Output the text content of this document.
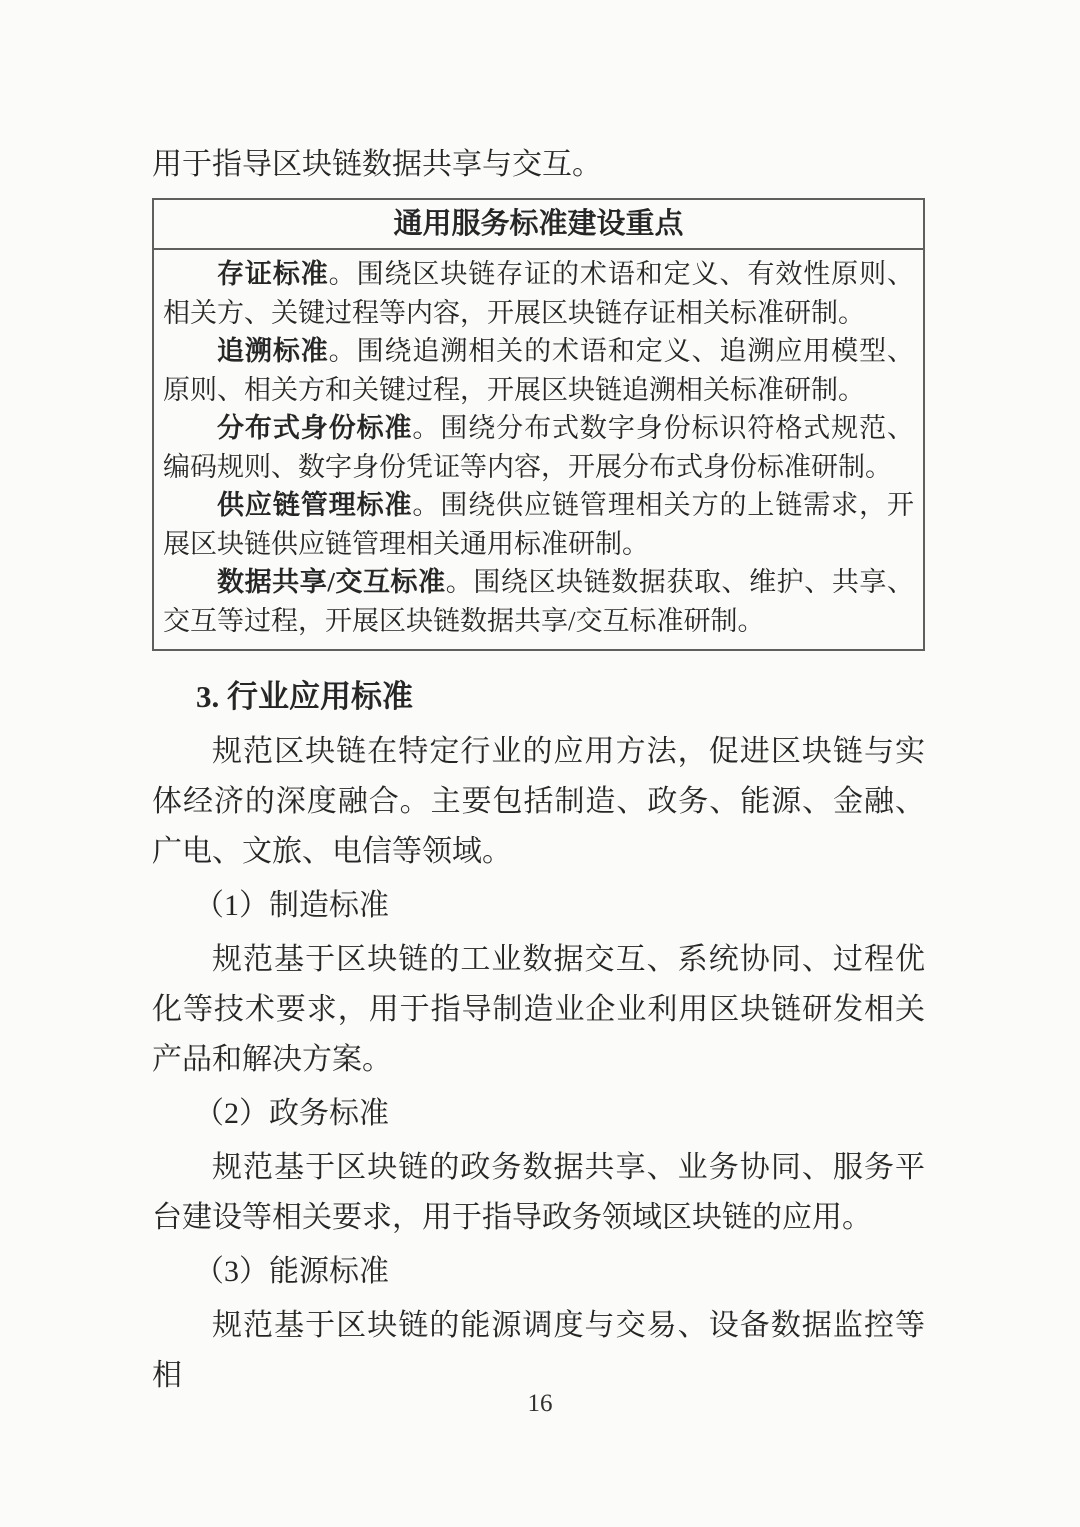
用于指导区块链数据共享与交互。

通用服务标准建设重点

存证标准。围绕区块链存证的术语和定义、有效性原则、相关方、关键过程等内容，开展区块链存证相关标准研制。

追溯标准。围绕追溯相关的术语和定义、追溯应用模型、原则、相关方和关键过程，开展区块链追溯相关标准研制。

分布式身份标准。围绕分布式数字身份标识符格式规范、编码规则、数字身份凭证等内容，开展分布式身份标准研制。

供应链管理标准。围绕供应链管理相关方的上链需求，开展区块链供应链管理相关通用标准研制。

数据共享/交互标准。围绕区块链数据获取、维护、共享、交互等过程，开展区块链数据共享/交互标准研制。

3. 行业应用标准

规范区块链在特定行业的应用方法，促进区块链与实体经济的深度融合。主要包括制造、政务、能源、金融、广电、文旅、电信等领域。

（1）制造标准

规范基于区块链的工业数据交互、系统协同、过程优化等技术要求，用于指导制造业企业利用区块链研发相关产品和解决方案。

（2）政务标准

规范基于区块链的政务数据共享、业务协同、服务平台建设等相关要求，用于指导政务领域区块链的应用。

（3）能源标准

规范基于区块链的能源调度与交易、设备数据监控等相

16
